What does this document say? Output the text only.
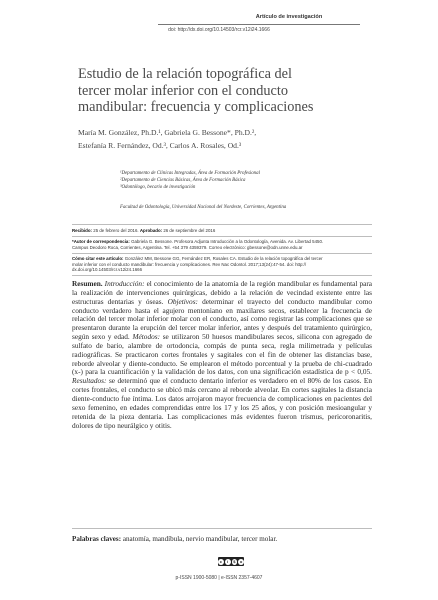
Artículo de investigación
doi: http://dx.doi.org/10.14503/rcr.v12i24.1666
Estudio de la relación topográfica del
tercer molar inferior con el conducto
mandibular: frecuencia y complicaciones
María M. González, Ph.D.¹, Gabriela G. Bessone*, Ph.D.²,
Estefanía R. Fernández, Od.³, Carlos A. Rosales, Od.³
¹Departamento de Clínicas Integradas, Área de Formación Profesional
²Departamento de Ciencias Básicas, Área de Formación Básica
³Odontólogo, becario de investigación
Facultad de Odontología, Universidad Nacional del Nordeste, Corrientes, Argentina
Recibido: 25 de febrero del 2016. Aprobado: 26 de septiembre del 2016
*Autor de correspondencia: Gabriela G. Bessone. Profesora Adjunta Introducción a la Odontología, Avenida. Av. Libertad 5450.
Campus Deodoro Roca, Corrientes, Argentina. Tel. +54 379 4359379. Correo electrónico: gbessone@odn.unne.edu.ar
Cómo citar este artículo: González MM, Bessone GG, Fernández ER, Rosales CA. Estudio de la relación topográfica del tercer
molar inferior con el conducto mandibular: frecuencia y complicaciones. Rev Nac Odontol. 2017;13(24):47-54. doi: http://
dx.doi.org/10.14503/rcr.v12i24.1666
Resumen. Introducción: el conocimiento de la anatomía de la región mandibular es fundamental para la realización de intervenciones quirúrgicas, debido a la relación de vecindad existente entre las estructuras dentarias y óseas. Objetivos: determinar el trayecto del conducto mandibular como conducto verdadero hasta el agujero mentoniano en maxilares secos, establecer la frecuencia de relación del tercer molar inferior molar con el conducto, así como registrar las complicaciones que se presentaron durante la erupción del tercer molar inferior, antes y después del tratamiento quirúrgico, según sexo y edad. Métodos: se utilizaron 50 huesos mandibulares secos, silicona con agregado de sulfato de bario, alambre de ortodoncia, compás de punta seca, regla milimetrada y películas radiográficas. Se practicaron cortes frontales y sagitales con el fin de obtener las distancias base, reborde alveolar y diente-conducto. Se emplearon el método porcentual y la prueba de chi-cuadrado (x-) para la cuantificación y la validación de los datos, con una significación estadística de p < 0,05. Resultados: se determinó que el conducto dentario inferior es verdadero en el 80% de los casos. En cortes frontales, el conducto se ubicó más cercano al reborde alveolar. En cortes sagitales la distancia diente-conducto fue íntima. Los datos arrojaron mayor frecuencia de complicaciones en pacientes del sexo femenino, en edades comprendidas entre los 17 y los 25 años, y con posición mesioangular y retenida de la pieza dentaria. Las complicaciones más evidentes fueron trismus, pericoronaritis, dolores de tipo neurálgico y otitis.
Palabras claves: anatomía, mandíbula, nervio mandibular, tercer molar.
c	i	$	o
p-ISSN 1900-5080 | e-ISSN 2357-4607
